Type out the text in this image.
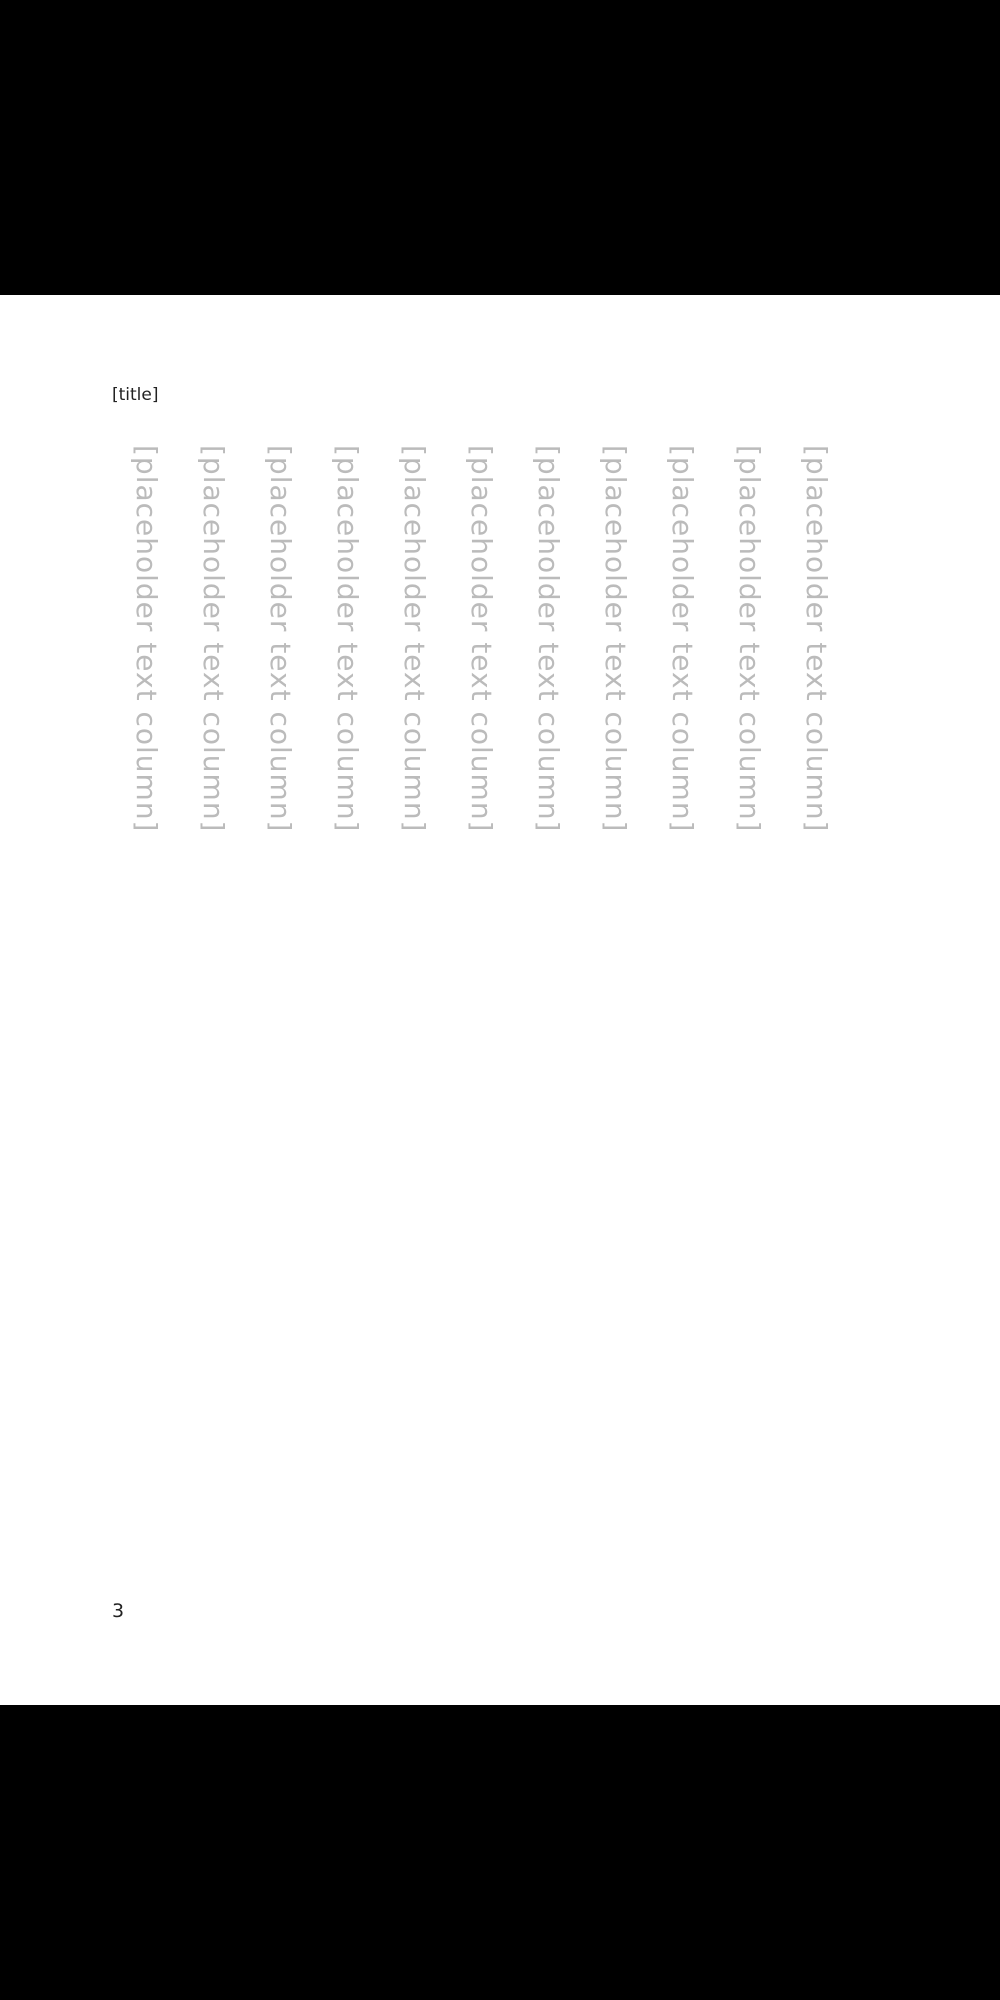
[title]

[placeholder text column]

[placeholder text column]

[placeholder text column]

[placeholder text column]

[placeholder text column]

[placeholder text column]

[placeholder text column]

[placeholder text column]

[placeholder text column]

[placeholder text column]

[placeholder text column]

3
